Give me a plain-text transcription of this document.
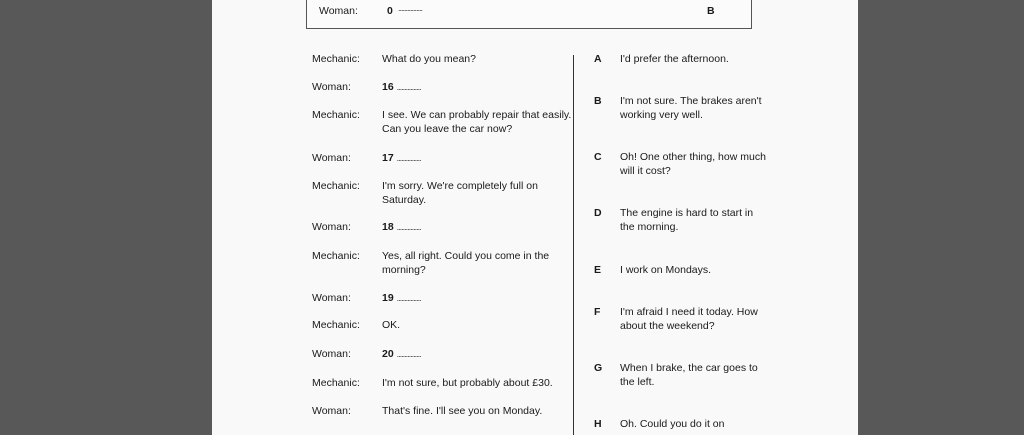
Woman:	0 ................	B
Mechanic: What do you mean?
Woman:	16 ................
Mechanic: I see. We can probably repair that easily. Can you leave the car now?
Woman:	17 ................
Mechanic: I'm sorry. We're completely full on Saturday.
Woman:	18 ................
Mechanic: Yes, all right. Could you come in the morning?
Woman:	19 ................
Mechanic: OK.
Woman:	20 ................
Mechanic: I'm not sure, but probably about £30.
Woman:	That's fine. I'll see you on Monday.
A I'd prefer the afternoon.
B I'm not sure. The brakes aren't working very well.
C Oh! One other thing, how much will it cost?
D The engine is hard to start in the morning.
E I work on Mondays.
F I'm afraid I need it today. How about the weekend?
G When I brake, the car goes to the left.
H Oh. Could you do it on
